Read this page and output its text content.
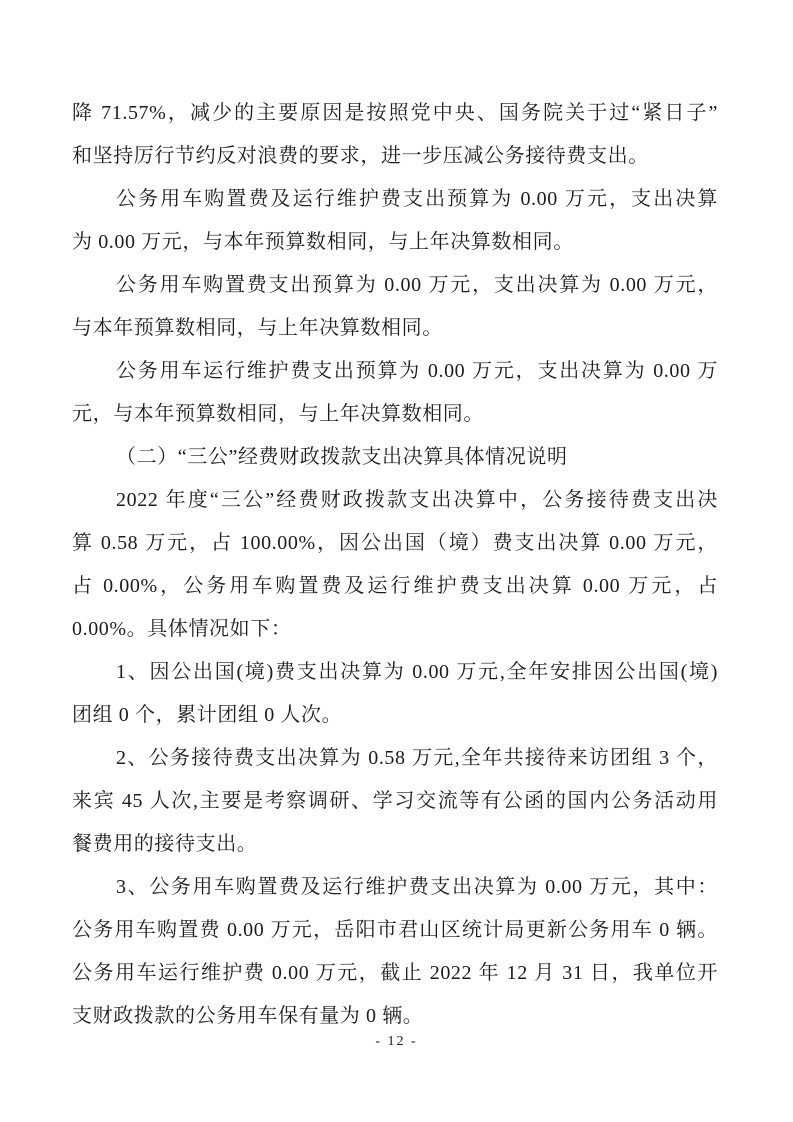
降 71.57%，减少的主要原因是按照党中央、国务院关于过“紧日子”
和坚持厉行节约反对浪费的要求，进一步压减公务接待费支出。
公务用车购置费及运行维护费支出预算为 0.00 万元，支出决算
为 0.00 万元，与本年预算数相同，与上年决算数相同。
公务用车购置费支出预算为 0.00 万元，支出决算为 0.00 万元，
与本年预算数相同，与上年决算数相同。
公务用车运行维护费支出预算为 0.00 万元，支出决算为 0.00 万
元，与本年预算数相同，与上年决算数相同。
（二）“三公”经费财政拨款支出决算具体情况说明
2022 年度“三公”经费财政拨款支出决算中，公务接待费支出决
算 0.58 万元，占 100.00%，因公出国（境）费支出决算 0.00 万元，
占 0.00%，公务用车购置费及运行维护费支出决算 0.00 万元，占
0.00%。具体情况如下：
1、因公出国(境)费支出决算为 0.00 万元,全年安排因公出国(境)
团组 0 个，累计团组 0 人次。
2、公务接待费支出决算为 0.58 万元,全年共接待来访团组 3 个，
来宾 45 人次,主要是考察调研、学习交流等有公函的国内公务活动用
餐费用的接待支出。
3、公务用车购置费及运行维护费支出决算为 0.00 万元，其中：
公务用车购置费 0.00 万元，岳阳市君山区统计局更新公务用车 0 辆。
公务用车运行维护费 0.00 万元，截止 2022 年 12 月 31 日，我单位开
支财政拨款的公务用车保有量为 0 辆。
- 12 -
